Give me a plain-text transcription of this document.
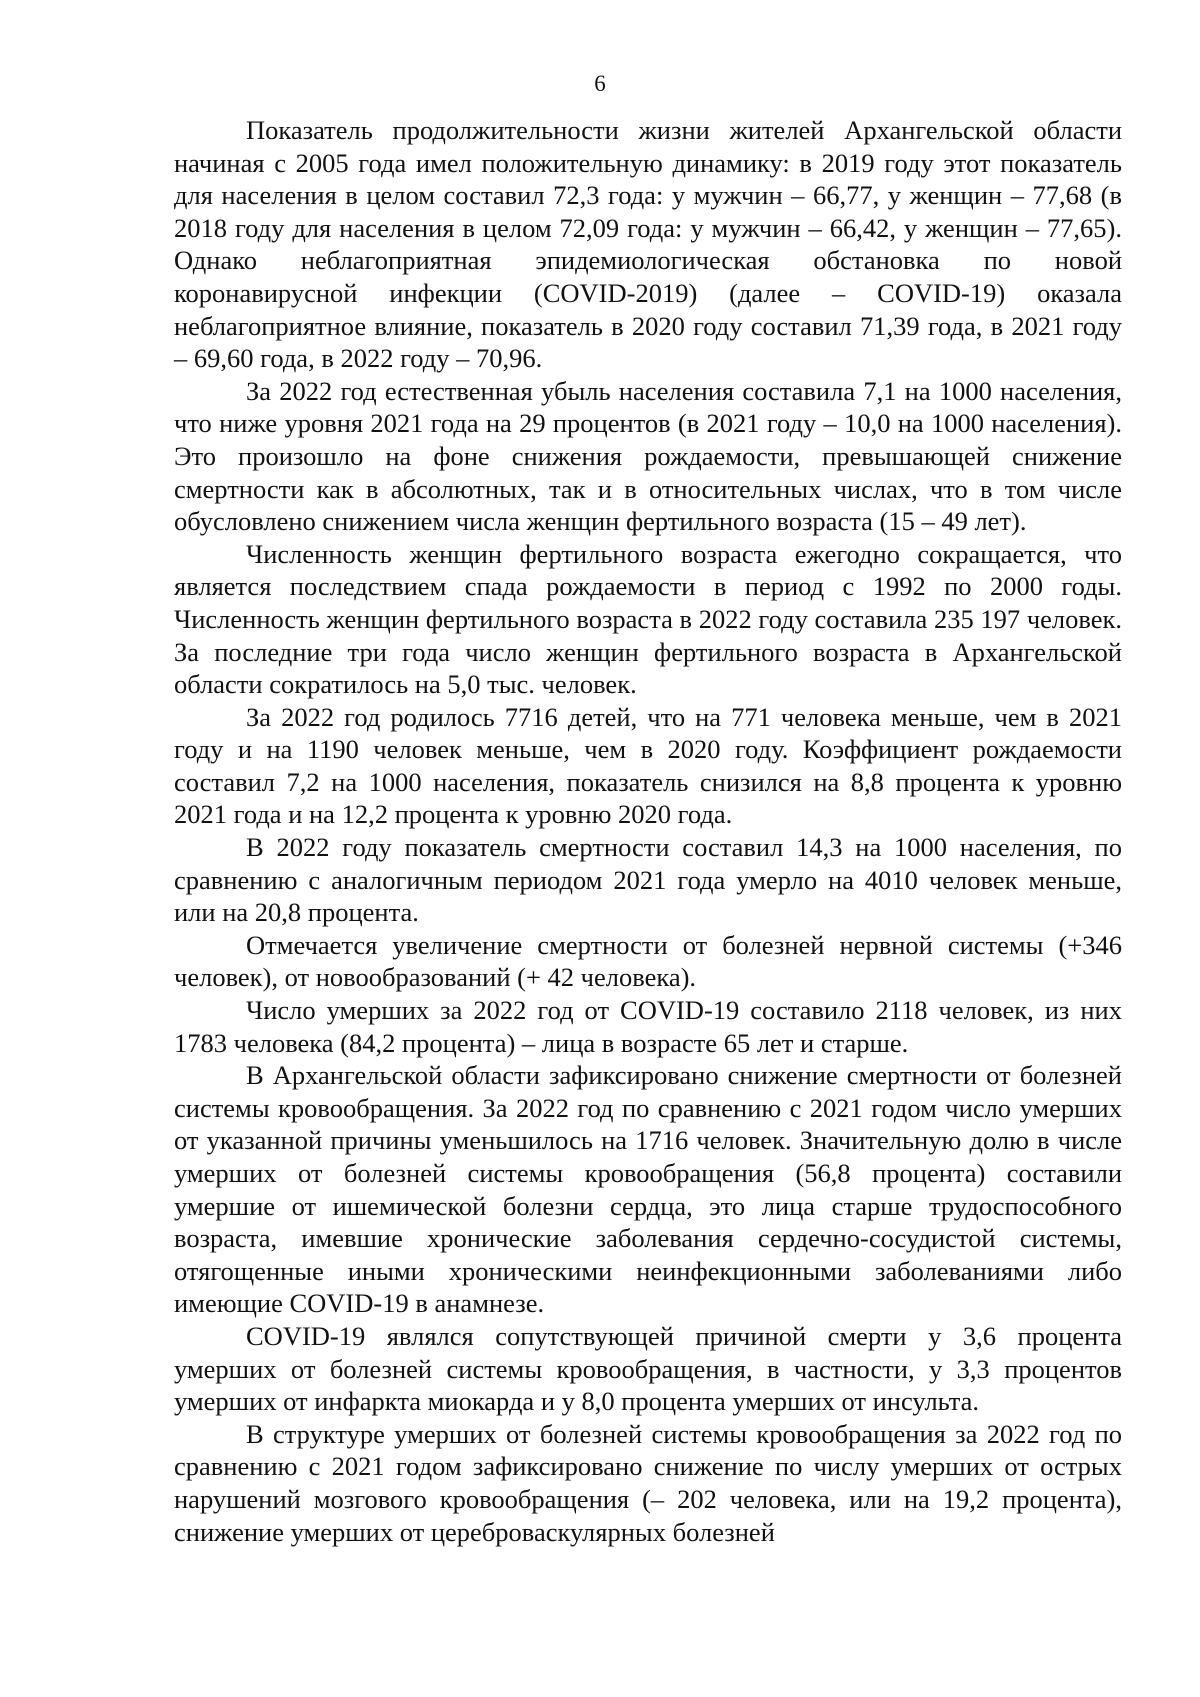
6

Показатель продолжительности жизни жителей Архангельской области начиная с 2005 года имел положительную динамику: в 2019 году этот показатель для населения в целом составил 72,3 года: у мужчин – 66,77, у женщин – 77,68 (в 2018 году для населения в целом 72,09 года: у мужчин – 66,42, у женщин – 77,65). Однако неблагоприятная эпидемиологическая обстановка по новой коронавирусной инфекции (COVID-2019) (далее – COVID-19) оказала неблагоприятное влияние, показатель в 2020 году составил 71,39 года, в 2021 году – 69,60 года, в 2022 году – 70,96.

За 2022 год естественная убыль населения составила 7,1 на 1000 населения, что ниже уровня 2021 года на 29 процентов (в 2021 году – 10,0 на 1000 населения). Это произошло на фоне снижения рождаемости, превышающей снижение смертности как в абсолютных, так и в относительных числах, что в том числе обусловлено снижением числа женщин фертильного возраста (15 – 49 лет).

Численность женщин фертильного возраста ежегодно сокращается, что является последствием спада рождаемости в период с 1992 по 2000 годы. Численность женщин фертильного возраста в 2022 году составила 235 197 человек. За последние три года число женщин фертильного возраста в Архангельской области сократилось на 5,0 тыс. человек.

За 2022 год родилось 7716 детей, что на 771 человека меньше, чем в 2021 году и на 1190 человек меньше, чем в 2020 году. Коэффициент рождаемости составил 7,2 на 1000 населения, показатель снизился на 8,8 процента к уровню 2021 года и на 12,2 процента к уровню 2020 года.

В 2022 году показатель смертности составил 14,3 на 1000 населения, по сравнению с аналогичным периодом 2021 года умерло на 4010 человек меньше, или на 20,8 процента.

Отмечается увеличение смертности от болезней нервной системы (+346 человек), от новообразований (+ 42 человека).

Число умерших за 2022 год от COVID-19 составило 2118 человек, из них 1783 человека (84,2 процента) – лица в возрасте 65 лет и старше.

В Архангельской области зафиксировано снижение смертности от болезней системы кровообращения. За 2022 год по сравнению с 2021 годом число умерших от указанной причины уменьшилось на 1716 человек. Значительную долю в числе умерших от болезней системы кровообращения (56,8 процента) составили умершие от ишемической болезни сердца, это лица старше трудоспособного возраста, имевшие хронические заболевания сердечно-сосудистой системы, отягощенные иными хроническими неинфекционными заболеваниями либо имеющие COVID-19 в анамнезе.

COVID-19 являлся сопутствующей причиной смерти у 3,6 процента умерших от болезней системы кровообращения, в частности, у 3,3 процентов умерших от инфаркта миокарда и у 8,0 процента умерших от инсульта.

В структуре умерших от болезней системы кровообращения за 2022 год по сравнению с 2021 годом зафиксировано снижение по числу умерших от острых нарушений мозгового кровообращения (– 202 человека, или на 19,2 процента), снижение умерших от цереброваскулярных болезней
